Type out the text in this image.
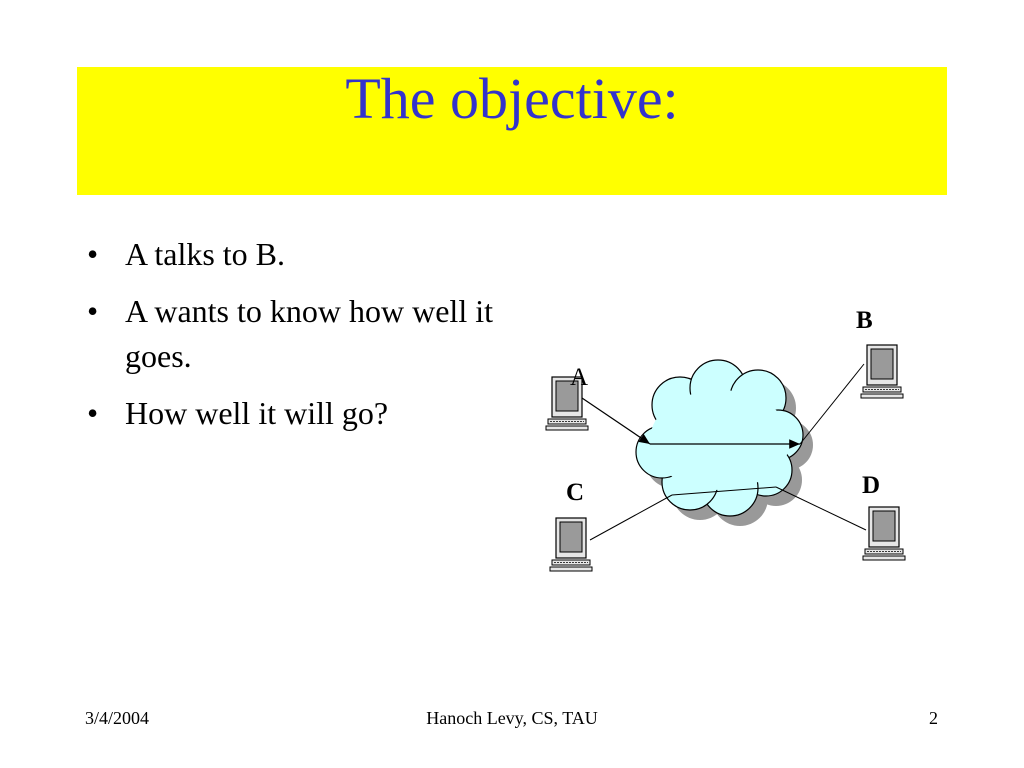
The objective:
• A talks to B.
• A wants to know how well it goes.
• How well it will go?
A
B
C	D
3/4/2004	Hanoch Levy, CS, TAU	2
